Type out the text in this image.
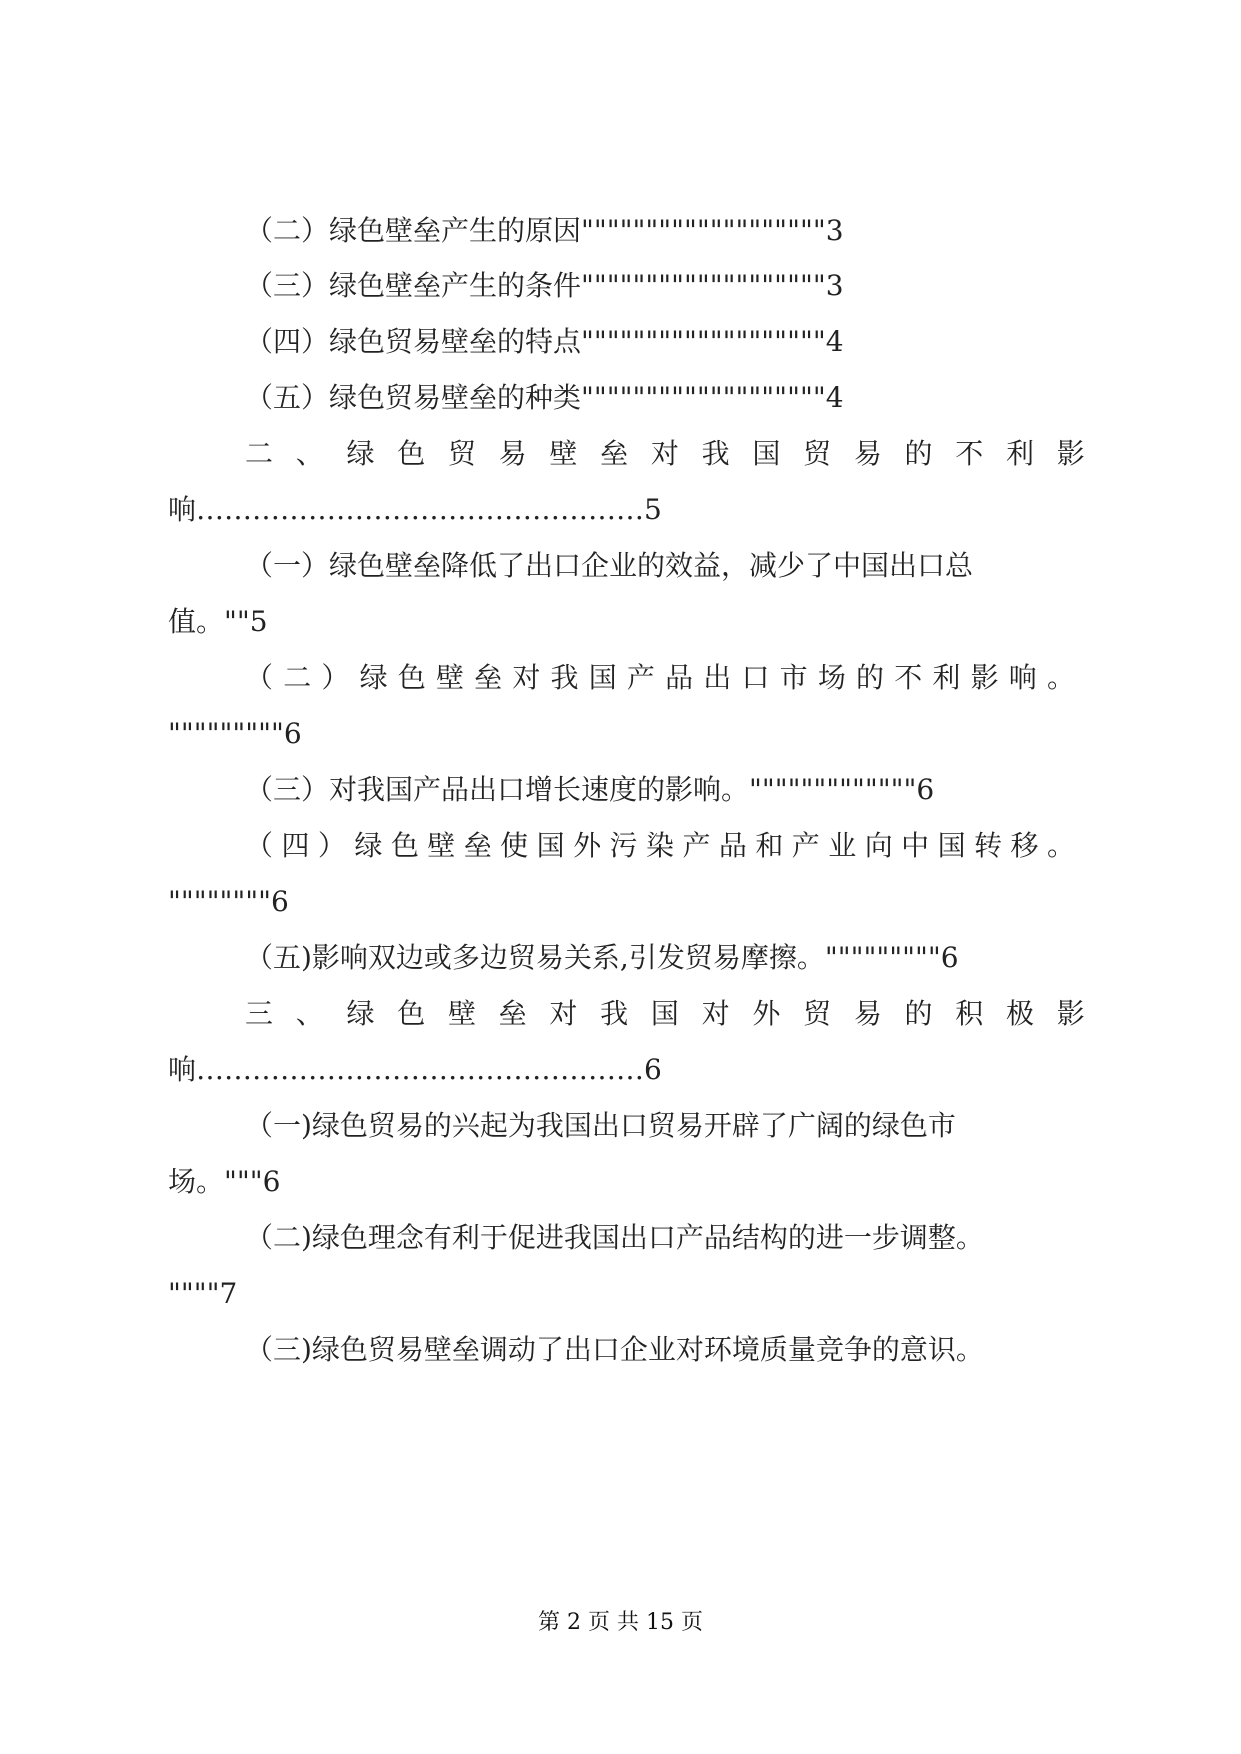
（二）绿色壁垒产生的原因"""""""""""""""""""3
（三）绿色壁垒产生的条件"""""""""""""""""""3
（四）绿色贸易壁垒的特点"""""""""""""""""""4
（五）绿色贸易壁垒的种类"""""""""""""""""""4
二 、 绿 色 贸 易 壁 垒 对 我 国 贸 易 的 不 利 影
响…………………………………………5
（一）绿色壁垒降低了出口企业的效益，减少了中国出口总
值。""5
（ 二 ） 绿 色 壁 垒 对 我 国 产 品 出 口 市 场 的 不 利 影 响 。
"""""""""6
（三）对我国产品出口增长速度的影响。"""""""""""""6
（ 四 ） 绿 色 壁 垒 使 国 外 污 染 产 品 和 产 业 向 中 国 转 移 。
""""""""6
（五)影响双边或多边贸易关系,引发贸易摩擦。"""""""""6
三 、 绿 色 壁 垒 对 我 国 对 外 贸 易 的 积 极 影
响…………………………………………6
（一)绿色贸易的兴起为我国出口贸易开辟了广阔的绿色市
场。"""6
（二)绿色理念有利于促进我国出口产品结构的进一步调整。
""""7
（三)绿色贸易壁垒调动了出口企业对环境质量竞争的意识。
第 2 页 共 15 页
